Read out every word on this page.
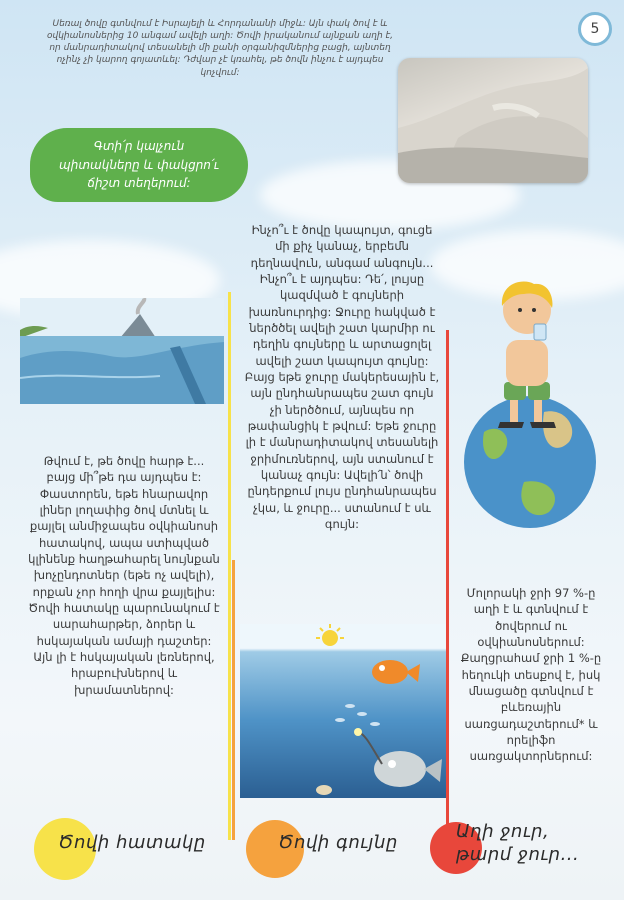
5
Սեռալ ծովը գտնվում է Իսրայելի և Հորդանանի միջև: Այն փակ ծով է և օվկիանոսներից 10 անգամ ավելի աղի: Ծովի իրականում այնքան աղի է, որ մանրադիտակով տեսանելի մի քանի օրգանիզմներից բացի, այնտեղ ոչինչ չի կարող գոյատևել: Դժվար չէ կռահել, թե ծովն ինչու է այդպես կոչվում:
Գտի՛ր կալչուն պիտակները և փակցրո՛ւ ճիշտ տեղերում:
Թվում է, թե ծովը հարթ է... բայց մի՞թե դա այդպես է: Փաստորեն, եթե հնարավոր լիներ լողափից ծով մտնել և քայլել անմիջապես օվկիանոսի հատակով, ապա ստիպված կլինենք հաղթահարել նույնքան խոչընդոտներ (եթե ոչ ավելի), որքան չոր հողի վրա քայլելիս: Ծովի հատակը պարունակում է սարահարթեր, ձորեր և հսկայական ամայի դաշտեր: Այն լի է հսկայական լեռներով, հրաբուխներով և խրամատներով:
Ինչո՞ւ է ծովը կապույտ, գուցե մի քիչ կանաչ, երբեմն դեղնավուն, անգամ անգույն... Ինչո՞ւ է այդպես: Դե՛, լույսը կազմված է գույների խառնուրդից: Ջուրը հակված է ներծծել ավելի շատ կարմիր ու դեղին գույները և արտացոլել ավելի շատ կապույտ գույնը: Բայց եթե ջուրը մակերեսային է, այն ընդհանրապես շատ գույն չի ներծծում, այնպես որ թափանցիկ է թվում: Եթե ջուրը լի է մանրադիտակով տեսանելի ջրիմուռներով, այն ստանում է կանաչ գույն: Ավելի՛ն՝ ծովի ընդերքում լույս ընդհանրապես չկա, և ջուրը... ստանում է սև գույն:
Մոլորակի ջրի 97 %-ը աղի է և գտնվում է ծովերում ու օվկիանոսներում: Քաղցրահամ ջրի 1 %-ը հեղուկի տեսքով է, իսկ մնացածը գտնվում է բևեռային սառցադաշտերում* և որելիֆո սառցակտորներում:
Ծովի հատակը	Ծովի գույնը
Աղի ջուր, թարմ ջուր...
